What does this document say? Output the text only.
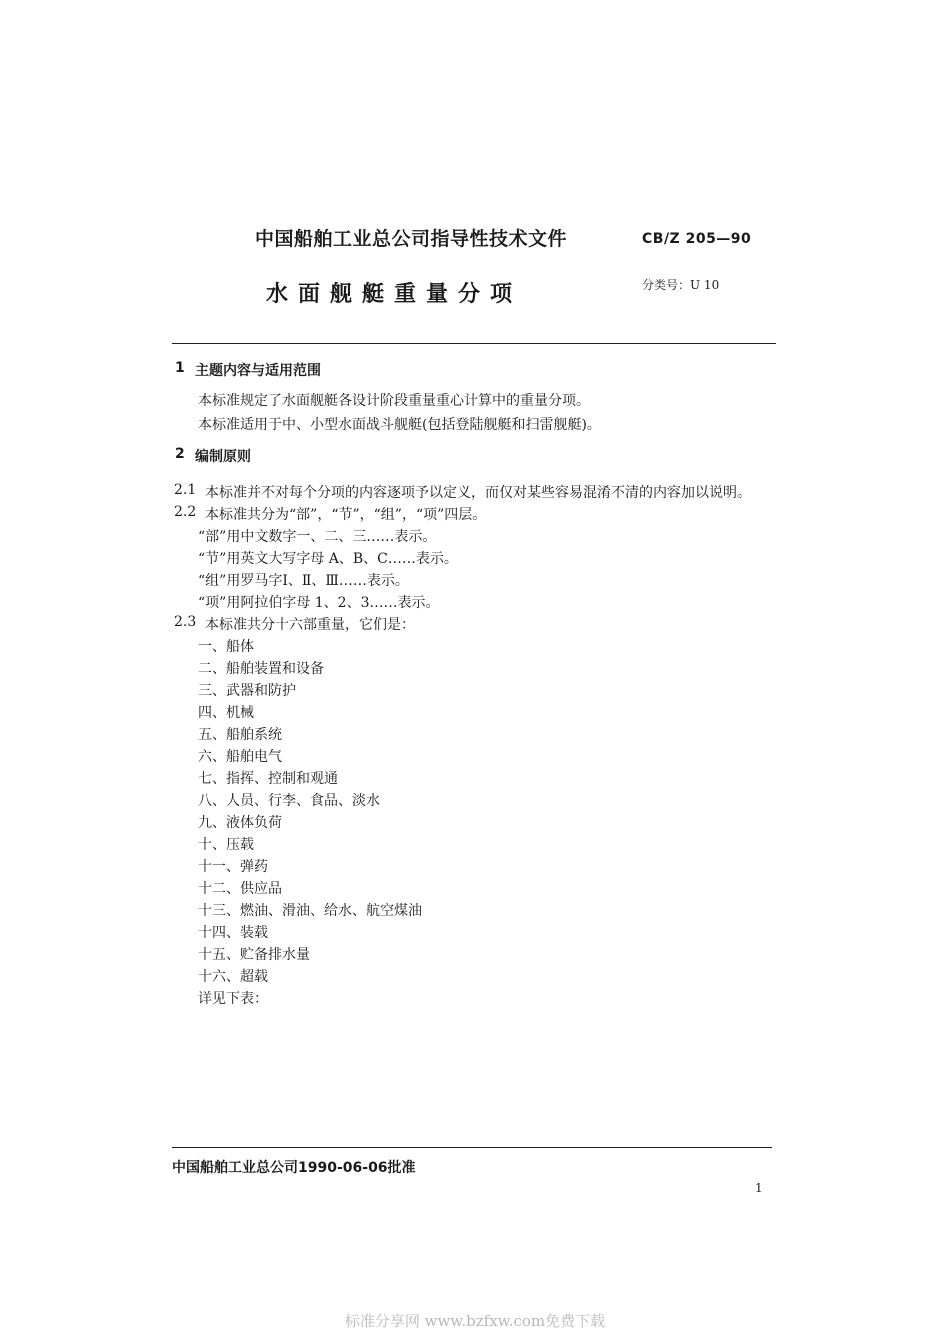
中国船舶工业总公司指导性技术文件	CB/Z 205—90
水面舰艇重量分项	分类号：U 10
1 主题内容与适用范围
本标准规定了水面舰艇各设计阶段重量重心计算中的重量分项。
本标准适用于中、小型水面战斗舰艇(包括登陆舰艇和扫雷舰艇)。
2 编制原则
2.1 本标准并不对每个分项的内容逐项予以定义，而仅对某些容易混淆不清的内容加以说明。
2.2 本标准共分为“部”，“节”，“组”，“项”四层。
“部”用中文数字一、二、三……表示。
“节”用英文大写字母 A、B、C……表示。
“组”用罗马字Ⅰ、Ⅱ、Ⅲ……表示。
“项”用阿拉伯字母 1、2、3……表示。
2.3 本标准共分十六部重量，它们是：
一、船体
二、船舶装置和设备
三、武器和防护
四、机械
五、船舶系统
六、船舶电气
七、指挥、控制和观通
八、人员、行李、食品、淡水
九、液体负荷
十、压载
十一、弹药
十二、供应品
十三、燃油、滑油、给水、航空煤油
十四、装载
十五、贮备排水量
十六、超载
详见下表：
中国船舶工业总公司1990-06-06批准
1
标准分享网 www.bzfxw.com免费下载
